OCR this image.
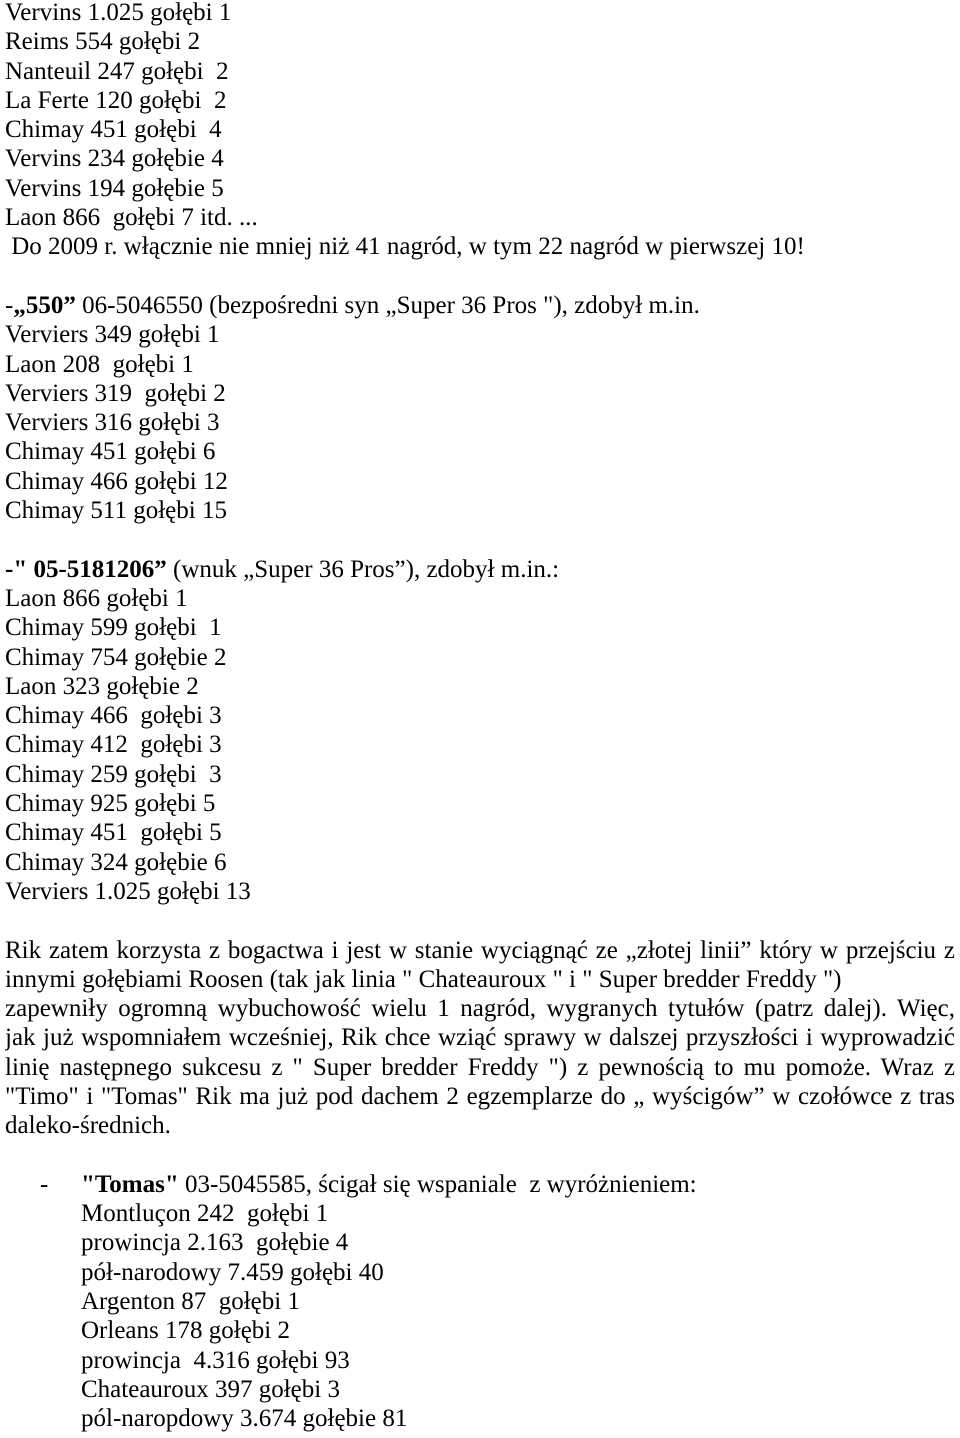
Vervins 1.025 gołębi 1
Reims 554 gołębi 2
Nanteuil 247 gołębi  2
La Ferte 120 gołębi  2
Chimay 451 gołębi  4
Vervins 234 gołębie 4
Vervins 194 gołębie 5
Laon 866  gołębi 7 itd. ...
Do 2009 r. włącznie nie mniej niż 41 nagród, w tym 22 nagród w pierwszej 10!
-„550” 06-5046550 (bezpośredni syn „Super 36 Pros "), zdobył m.in.
Verviers 349 gołębi 1
Laon 208  gołębi 1
Verviers 319  gołębi 2
Verviers 316 gołębi 3
Chimay 451 gołębi 6
Chimay 466 gołębi 12
Chimay 511 gołębi 15
-" 05-5181206” (wnuk „Super 36 Pros”), zdobył m.in.:
Laon 866 gołębi 1
Chimay 599 gołębi  1
Chimay 754 gołębie 2
Laon 323 gołębie 2
Chimay 466  gołębi 3
Chimay 412  gołębi 3
Chimay 259 gołębi  3
Chimay 925 gołębi 5
Chimay 451  gołębi 5
Chimay 324 gołębie 6
Verviers 1.025 gołębi 13
Rik zatem korzysta z bogactwa i jest w stanie wyciągnąć ze „złotej linii” który w przejściu z
innymi gołębiami Roosen (tak jak linia " Chateauroux " i " Super bredder Freddy ")
zapewniły ogromną wybuchowość wielu 1 nagród, wygranych tytułów (patrz dalej). Więc,
jak już wspomniałem wcześniej, Rik chce wziąć sprawy w dalszej przyszłości i wyprowadzić
linię następnego sukcesu z " Super bredder Freddy ") z pewnością to mu pomoże. Wraz z
"Timo" i "Tomas" Rik ma już pod dachem 2 egzemplarze do „ wyścigów” w czołówce z tras
daleko-średnich.
- "Tomas" 03-5045585, ścigał się wspaniale  z wyróżnieniem:
Montluçon 242  gołębi 1
prowincja 2.163  gołębie 4
pół-narodowy 7.459 gołębi 40
Argenton 87  gołębi 1
Orleans 178 gołębi 2
prowincja  4.316 gołębi 93
Chateauroux 397 gołębi 3
pól-naropdowy 3.674 gołębie 81
